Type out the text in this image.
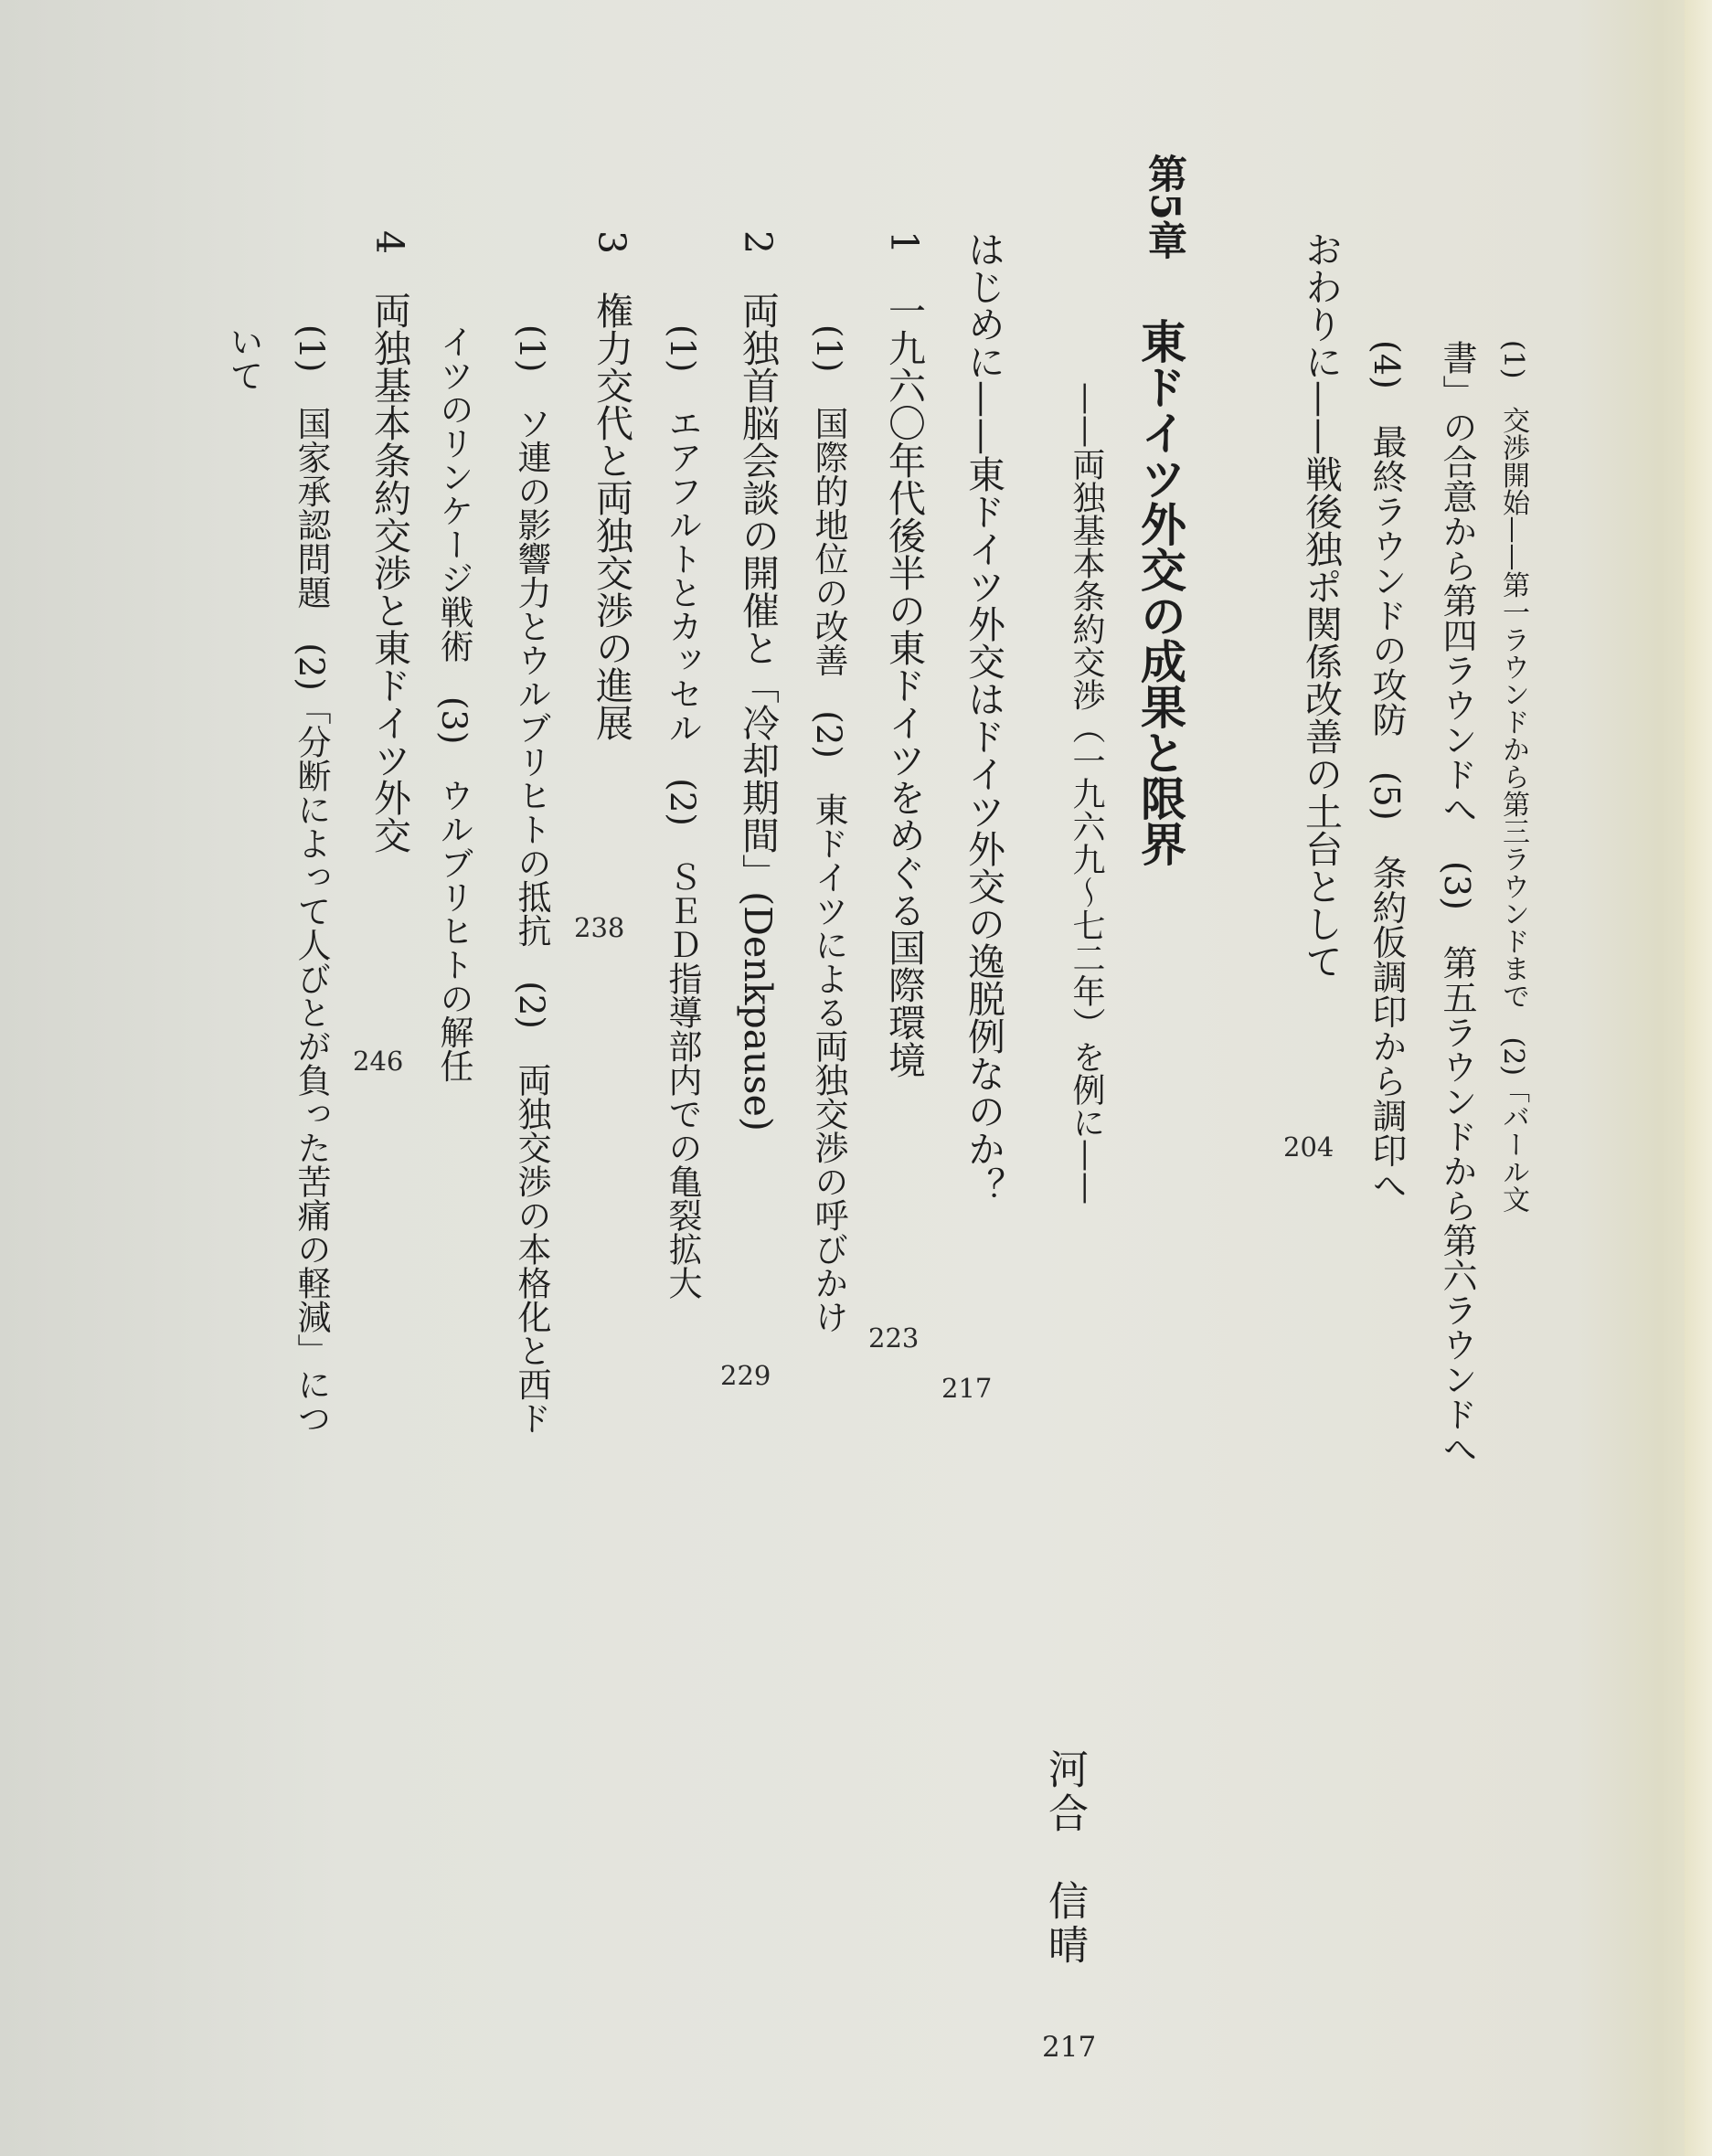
(1)　交渉開始——第一ラウンドから第三ラウンドまで　(2)「バール文
書」の合意から第四ラウンドへ　(3)　第五ラウンドから第六ラウンドへ
(4)　最終ラウンドの攻防　(5)　条約仮調印から調印へ
おわりに——戦後独ポ関係改善の土台として
204
第5章
東ドイツ外交の成果と限界
——両独基本条約交渉（一九六九〜七二年）を例に——
河合　信晴
217
はじめに——東ドイツ外交はドイツ外交の逸脱例なのか？
217
1　一九六〇年代後半の東ドイツをめぐる国際環境
223
(1)　国際的地位の改善　(2)　東ドイツによる両独交渉の呼びかけ
2　両独首脳会談の開催と「冷却期間」(Denkpause)
229
(1)　エアフルトとカッセル　(2)　ＳＥＤ指導部内での亀裂拡大
3　権力交代と両独交渉の進展
238
(1)　ソ連の影響力とウルブリヒトの抵抗　(2)　両独交渉の本格化と西ド
イツのリンケージ戦術　(3)　ウルブリヒトの解任
4　両独基本条約交渉と東ドイツ外交
246
(1)　国家承認問題　(2)「分断によって人びとが負った苦痛の軽減」につ
いて
